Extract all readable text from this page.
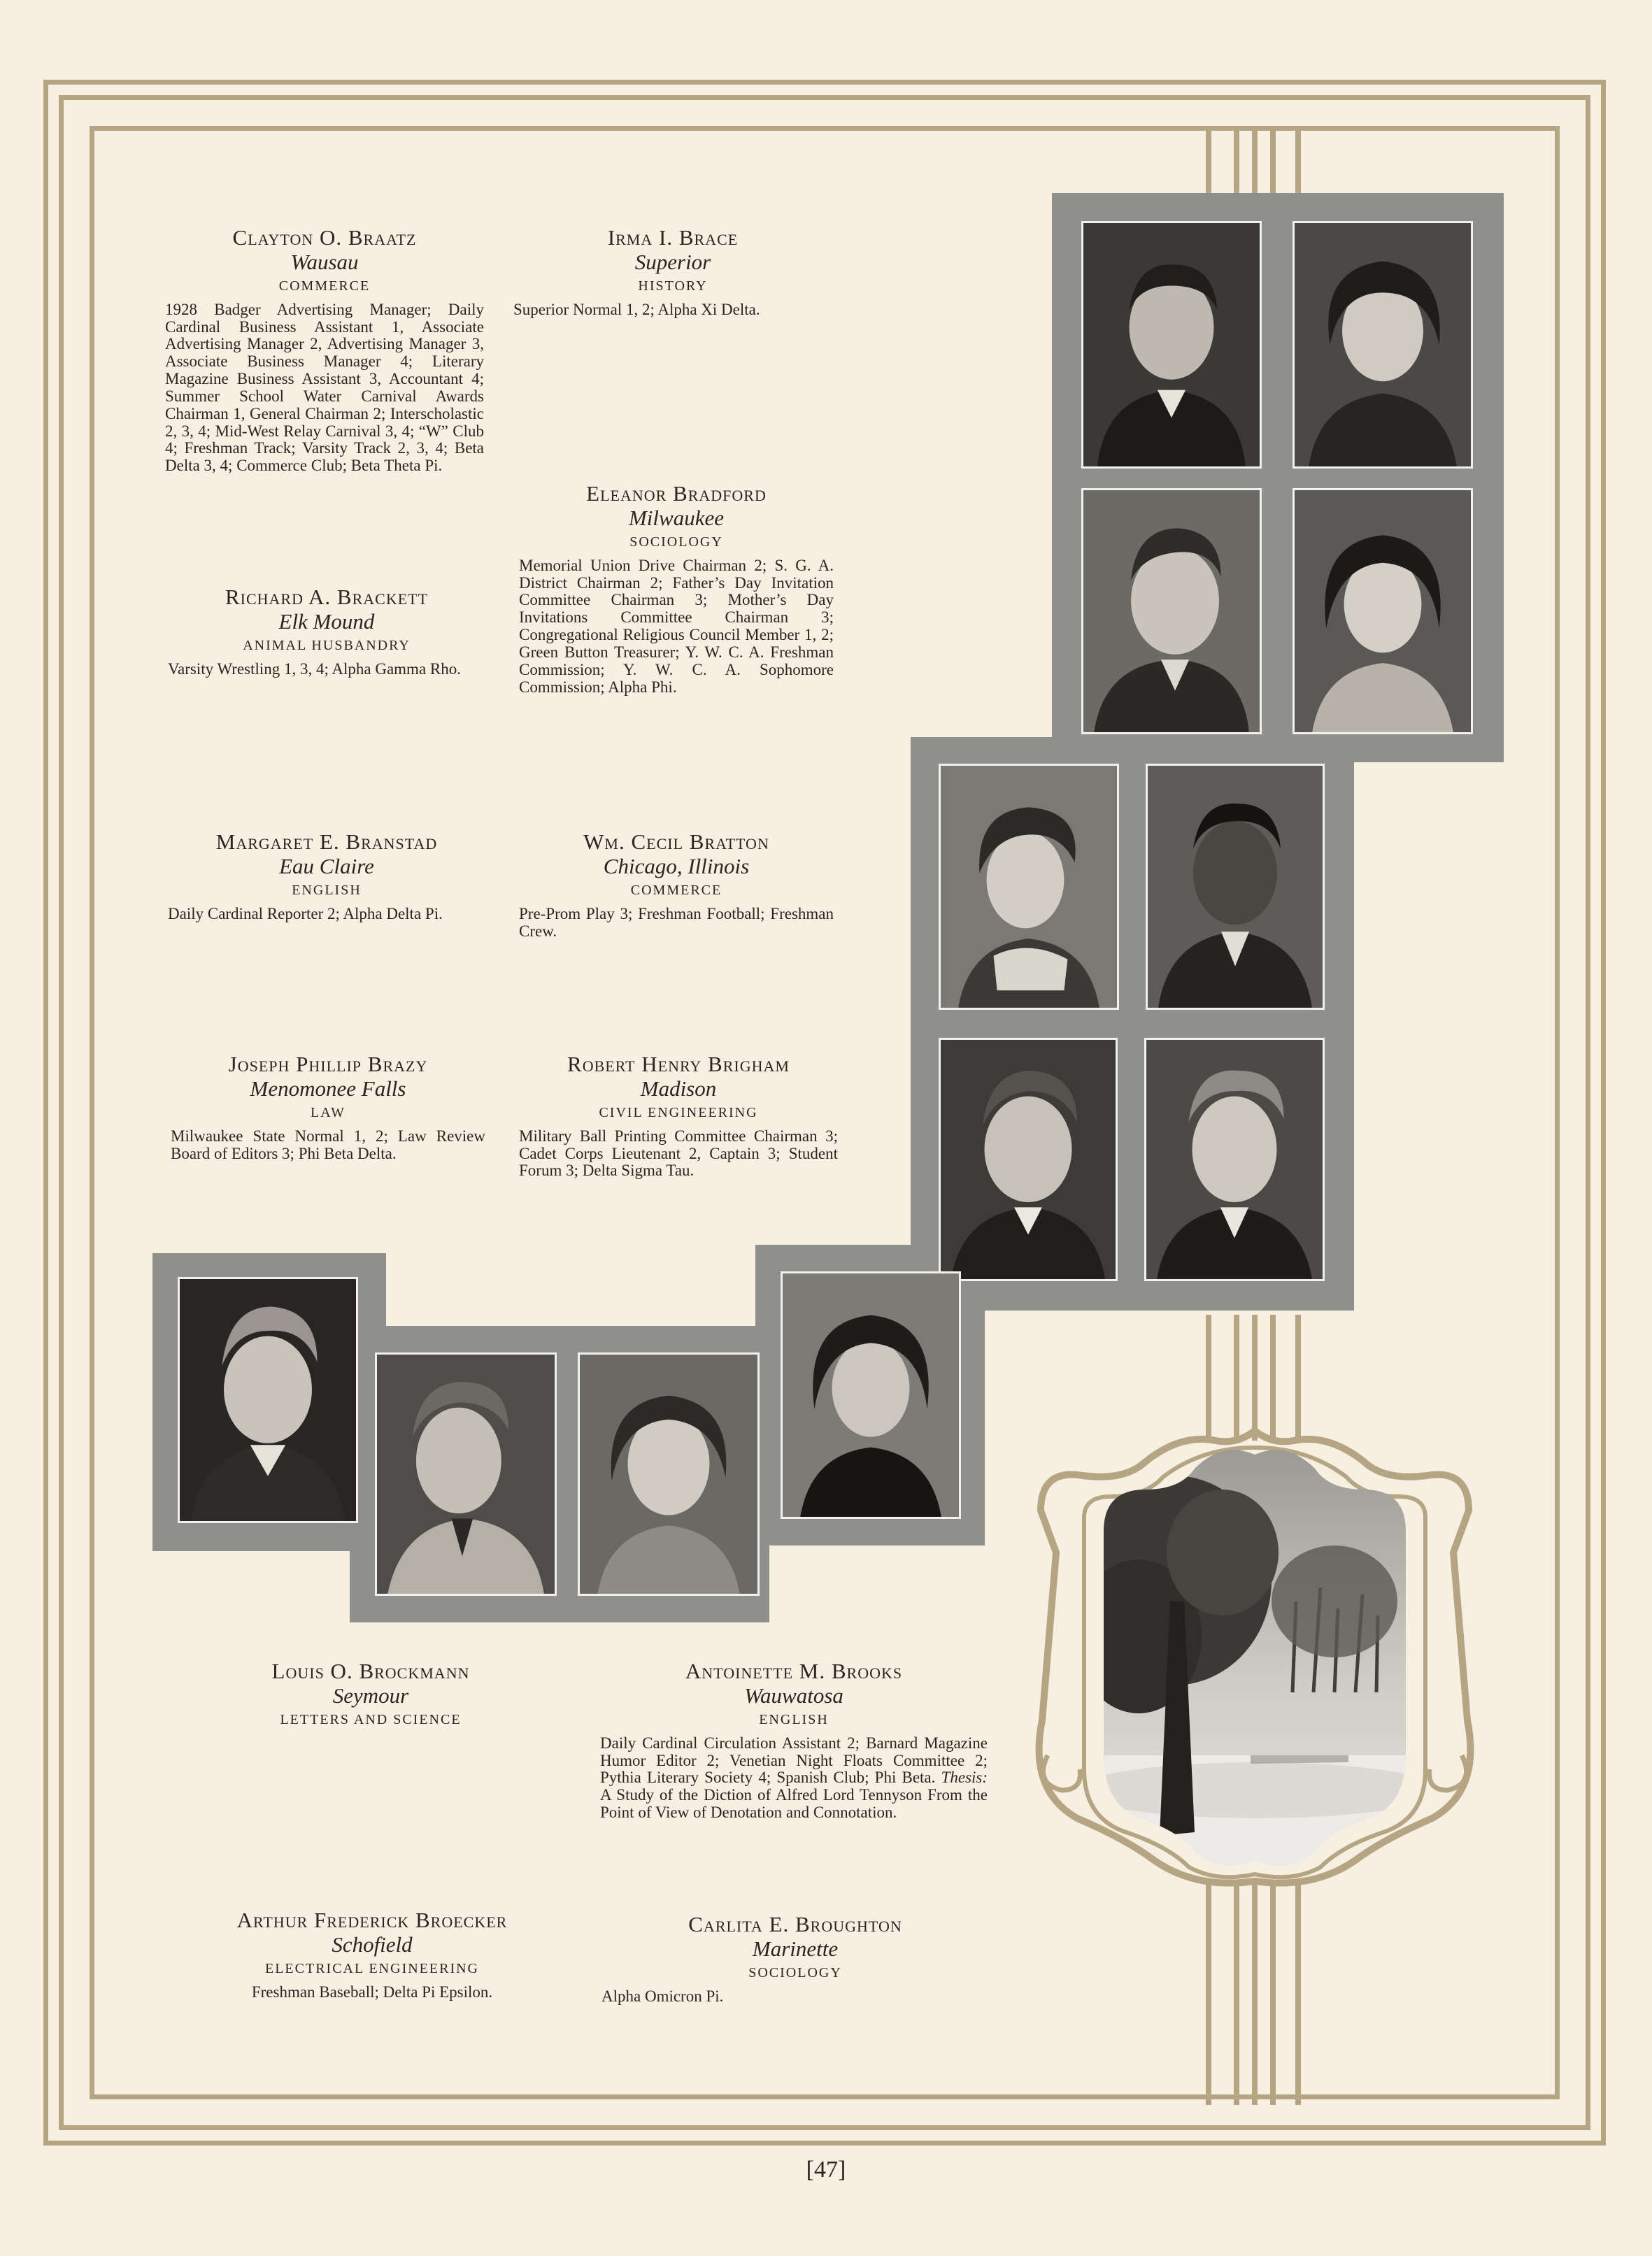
Clayton O. Braatz

Wausau

COMMERCE

1928 Badger Advertising Manager; Daily Cardinal Business Assistant 1, Associate Advertising Manager 2, Advertising Manager 3, Associate Business Manager 4; Literary Magazine Business Assistant 3, Accountant 4; Summer School Water Carnival Awards Chairman 1, General Chairman 2; Interscholastic 2, 3, 4; Mid-West Relay Carnival 3, 4; “W” Club 4; Freshman Track; Varsity Track 2, 3, 4; Beta Delta 3, 4; Commerce Club; Beta Theta Pi.

Irma I. Brace

Superior

HISTORY

Superior Normal 1, 2; Alpha Xi Delta.

Eleanor Bradford

Milwaukee

SOCIOLOGY

Memorial Union Drive Chairman 2; S. G. A. District Chairman 2; Father’s Day Invitation Committee Chairman 3; Mother’s Day Invitations Committee Chairman 3; Congregational Religious Council Member 1, 2; Green Button Treasurer; Y. W. C. A. Freshman Commission; Y. W. C. A. Sophomore Commission; Alpha Phi.

Richard A. Brackett

Elk Mound

ANIMAL HUSBANDRY

Varsity Wrestling 1, 3, 4; Alpha Gamma Rho.

Margaret E. Branstad

Eau Claire

ENGLISH

Daily Cardinal Reporter 2; Alpha Delta Pi.

Wm. Cecil Bratton

Chicago, Illinois

COMMERCE

Pre-Prom Play 3; Freshman Football; Freshman Crew.

Joseph Phillip Brazy

Menomonee Falls

LAW

Milwaukee State Normal 1, 2; Law Review Board of Editors 3; Phi Beta Delta.

Robert Henry Brigham

Madison

CIVIL ENGINEERING

Military Ball Printing Committee Chairman 3; Cadet Corps Lieutenant 2, Captain 3; Student Forum 3; Delta Sigma Tau.

Louis O. Brockmann

Seymour

LETTERS AND SCIENCE

Antoinette M. Brooks

Wauwatosa

ENGLISH

Daily Cardinal Circulation Assistant 2; Barnard Magazine Humor Editor 2; Venetian Night Floats Committee 2; Pythia Literary Society 4; Spanish Club; Phi Beta. Thesis: A Study of the Diction of Alfred Lord Tennyson From the Point of View of Denotation and Connotation.

Arthur Frederick Broecker

Schofield

ELECTRICAL ENGINEERING

Freshman Baseball; Delta Pi Epsilon.

Carlita E. Broughton

Marinette

SOCIOLOGY

Alpha Omicron Pi.

[47]
